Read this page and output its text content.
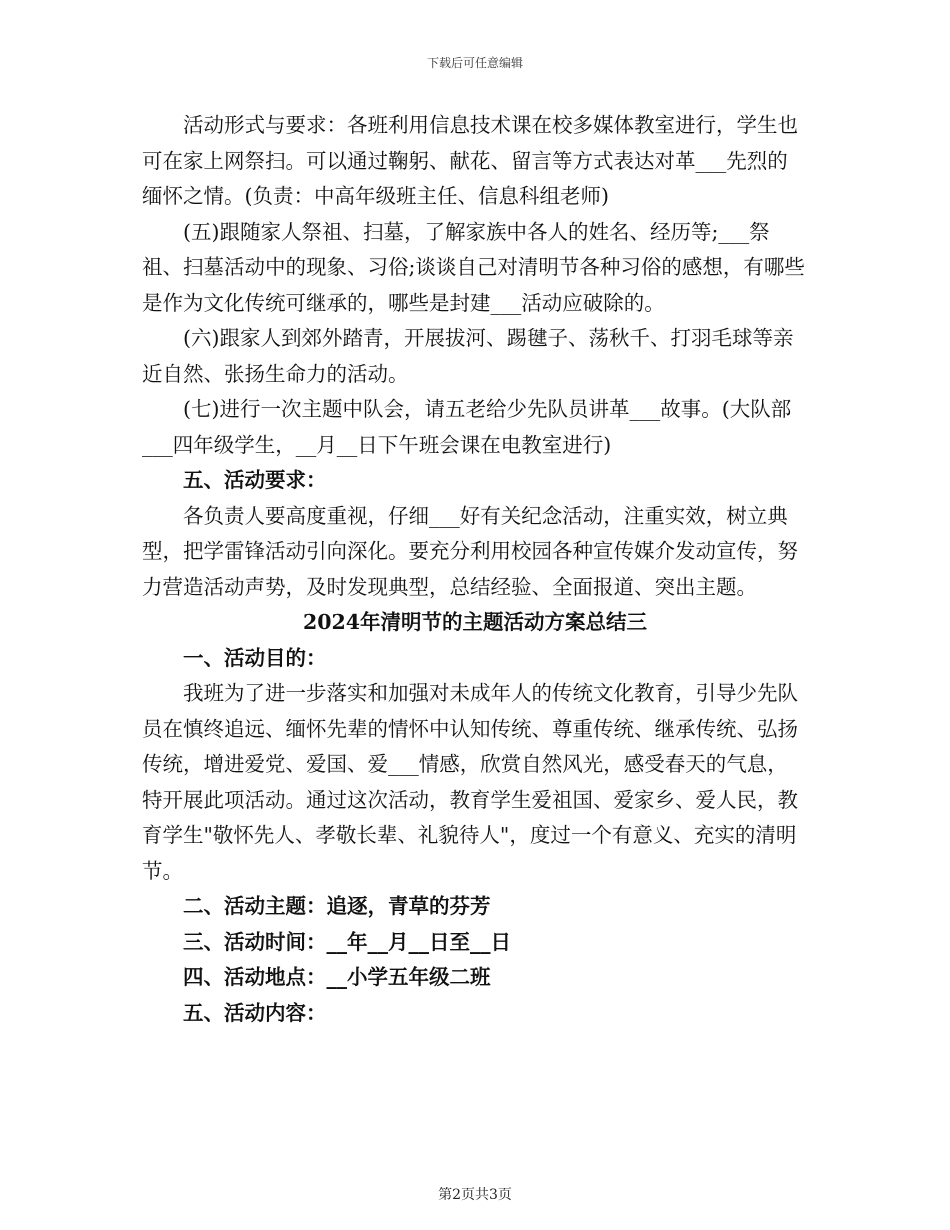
下载后可任意编辑

活动形式与要求：各班利用信息技术课在校多媒体教室进行，学生也可在家上网祭扫。可以通过鞠躬、献花、留言等方式表达对革___先烈的缅怀之情。(负责：中高年级班主任、信息科组老师)

(五)跟随家人祭祖、扫墓，了解家族中各人的姓名、经历等;___祭祖、扫墓活动中的现象、习俗;谈谈自己对清明节各种习俗的感想，有哪些是作为文化传统可继承的，哪些是封建___活动应破除的。

(六)跟家人到郊外踏青，开展拔河、踢毽子、荡秋千、打羽毛球等亲近自然、张扬生命力的活动。

(七)进行一次主题中队会，请五老给少先队员讲革___故事。(大队部___四年级学生，__月__日下午班会课在电教室进行)

五、活动要求：

各负责人要高度重视，仔细___好有关纪念活动，注重实效，树立典型，把学雷锋活动引向深化。要充分利用校园各种宣传媒介发动宣传，努力营造活动声势，及时发现典型，总结经验、全面报道、突出主题。

2024年清明节的主题活动方案总结三

一、活动目的：

我班为了进一步落实和加强对未成年人的传统文化教育，引导少先队员在慎终追远、缅怀先辈的情怀中认知传统、尊重传统、继承传统、弘扬传统，增进爱党、爱国、爱___情感，欣赏自然风光，感受春天的气息，特开展此项活动。通过这次活动，教育学生爱祖国、爱家乡、爱人民，教育学生"敬怀先人、孝敬长辈、礼貌待人"，度过一个有意义、充实的清明节。

二、活动主题：追逐，青草的芬芳

三、活动时间：__年__月__日至__日

四、活动地点：__小学五年级二班

五、活动内容：

第2页共3页
